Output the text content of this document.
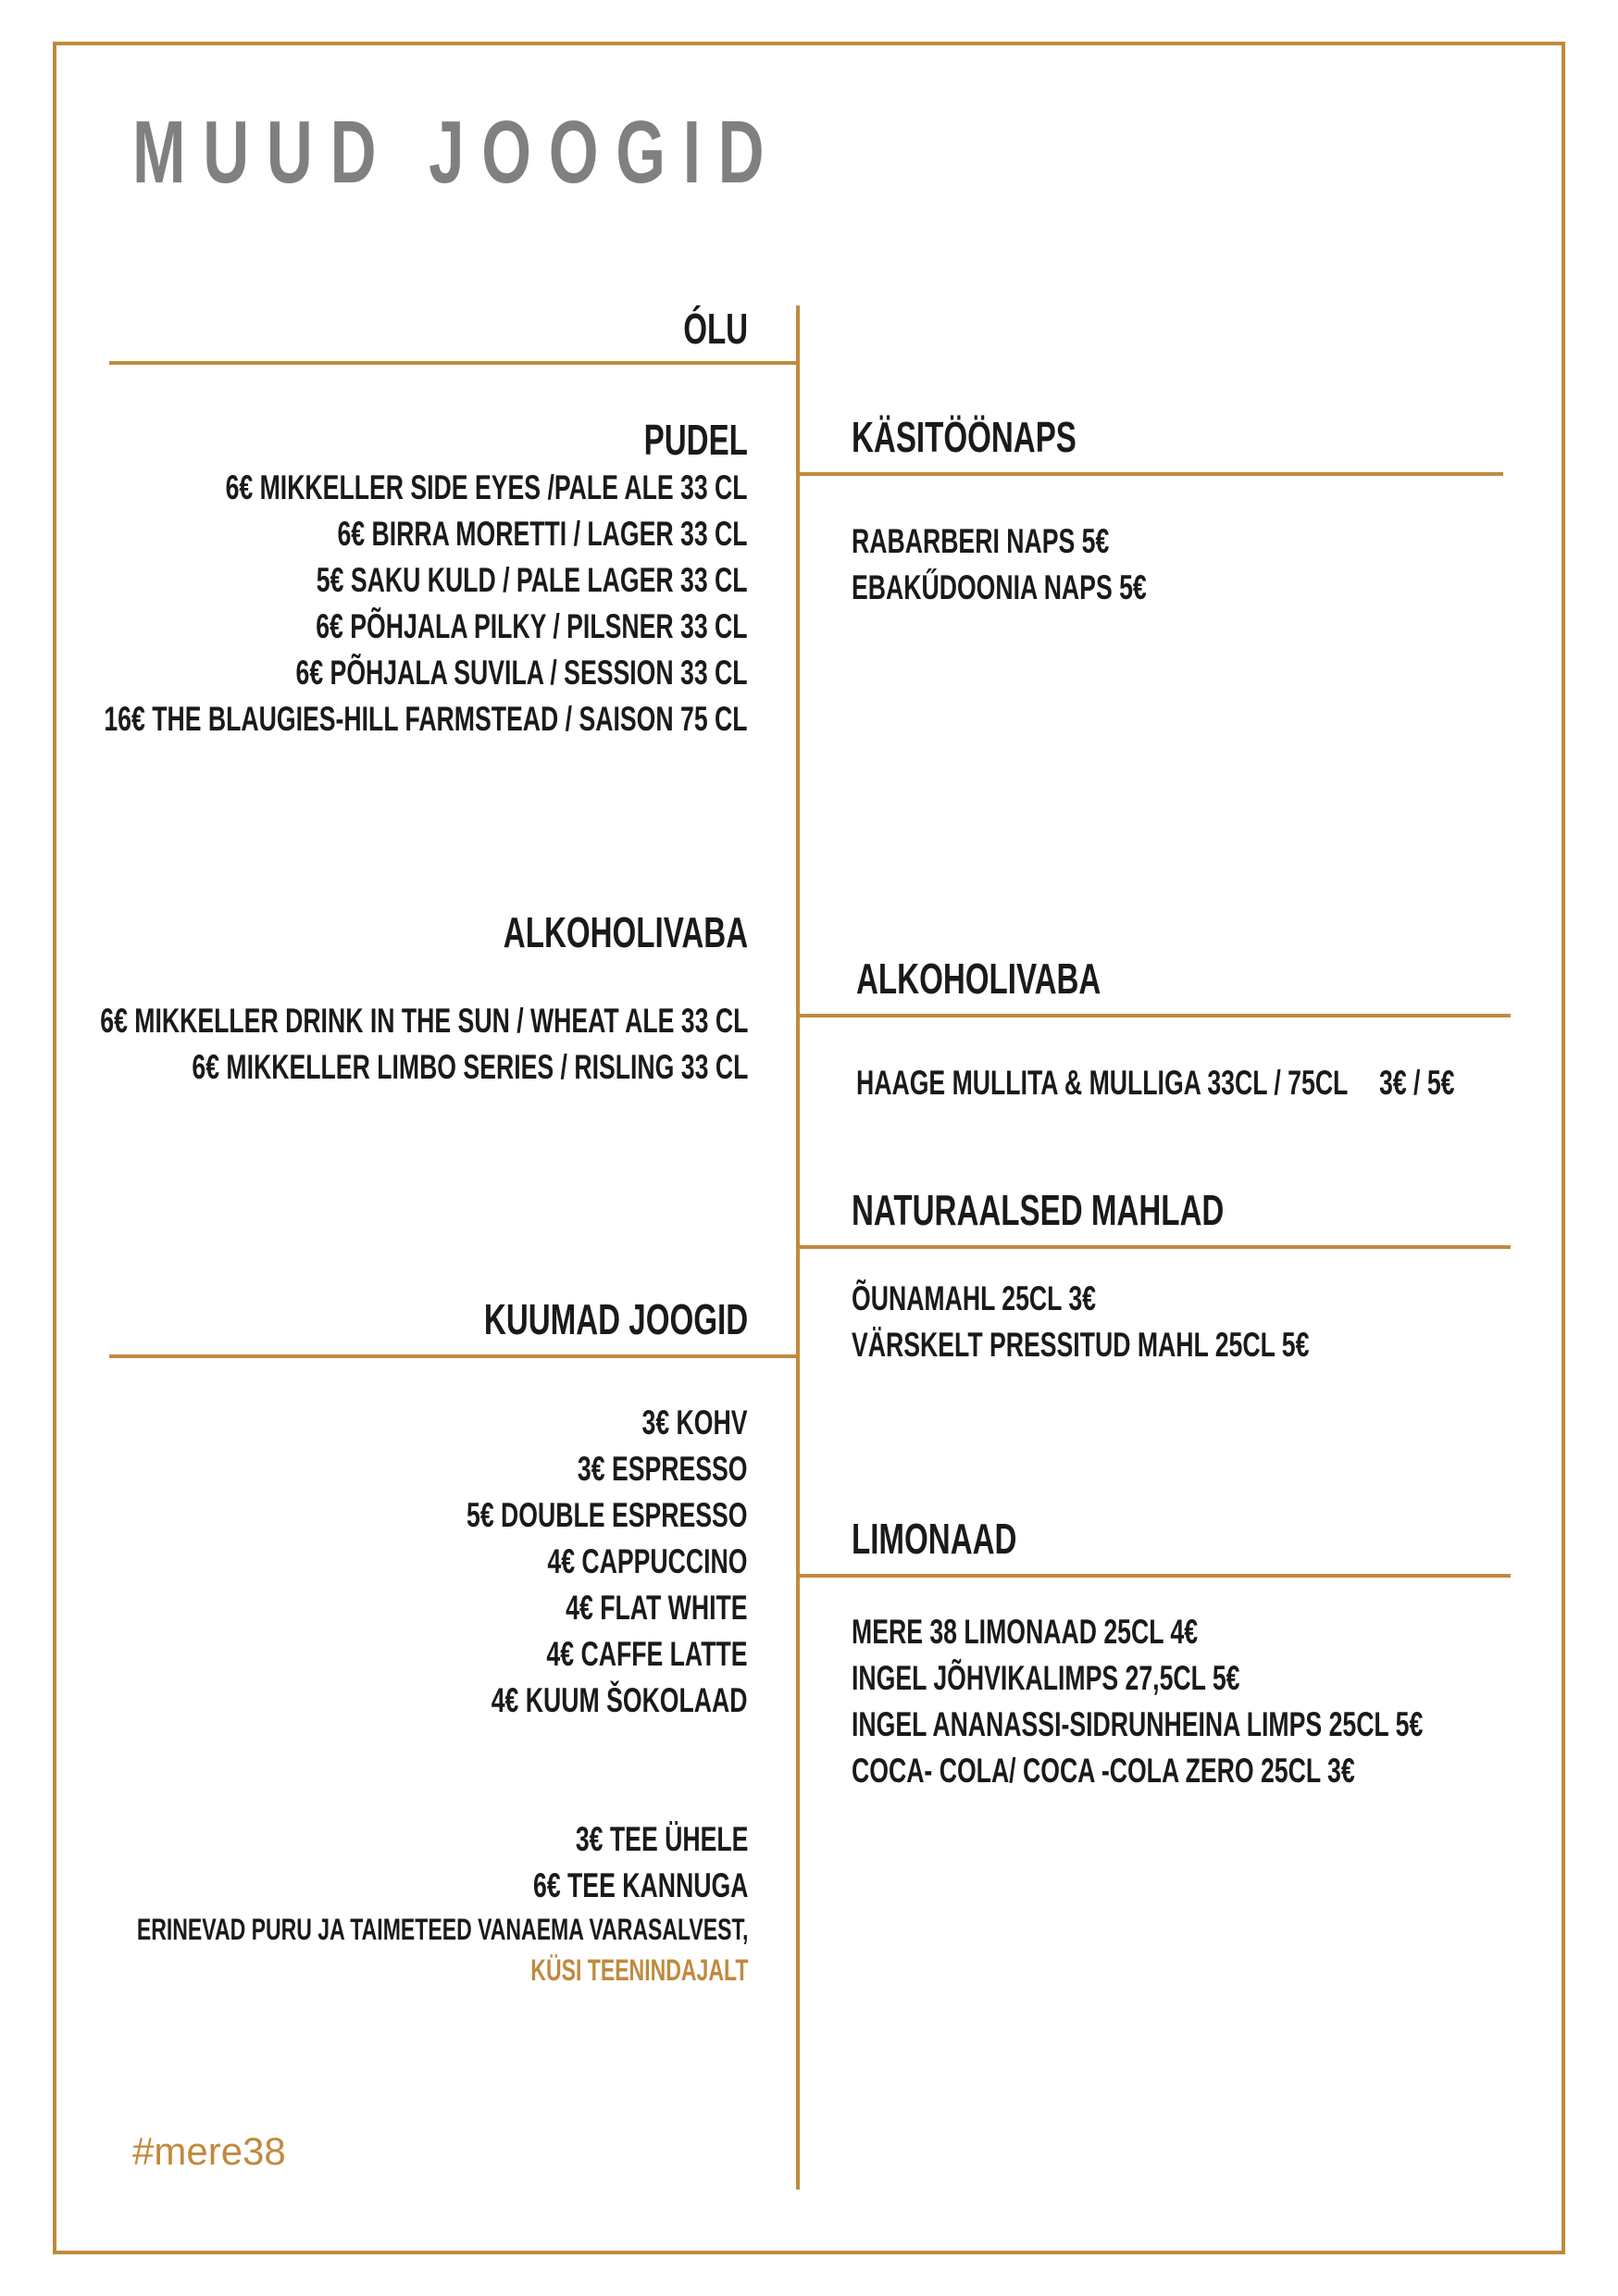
MUUD JOOGID
ÓLU
PUDEL
6€ MIKKELLER SIDE EYES /PALE ALE 33 CL
6€ BIRRA MORETTI / LAGER 33 CL
5€ SAKU KULD / PALE LAGER 33 CL
6€ PÕHJALA PILKY / PILSNER 33 CL
6€ PÕHJALA SUVILA / SESSION 33 CL
16€ THE BLAUGIES-HILL FARMSTEAD / SAISON 75 CL
ALKOHOLIVABA
6€ MIKKELLER DRINK IN THE SUN / WHEAT ALE 33 CL
6€ MIKKELLER LIMBO SERIES / RISLING 33 CL
KUUMAD JOOGID
3€ KOHV
3€ ESPRESSO
5€ DOUBLE ESPRESSO
4€ CAPPUCCINO
4€ FLAT WHITE
4€ CAFFE LATTE
4€ KUUM ŠOKOLAAD
3€ TEE ÜHELE
6€ TEE KANNUGA
ERINEVAD PURU JA TAIMETEED VANAEMA VARASALVEST,
KÜSI TEENINDAJALT
#mere38
KÄSITÖÖNAPS
RABARBERI NAPS 5€
EBAKŰDOONIA NAPS 5€
ALKOHOLIVABA
HAAGE MULLITA & MULLIGA 33CL / 75CL 3€ / 5€
NATURAALSED MAHLAD
ÕUNAMAHL 25CL 3€
VÄRSKELT PRESSITUD MAHL 25CL 5€
LIMONAAD
MERE 38 LIMONAAD 25CL 4€
INGEL JÕHVIKALIMPS 27,5CL 5€
INGEL ANANASSI-SIDRUNHEINA LIMPS 25CL 5€
COCA- COLA/ COCA -COLA ZERO 25CL 3€
